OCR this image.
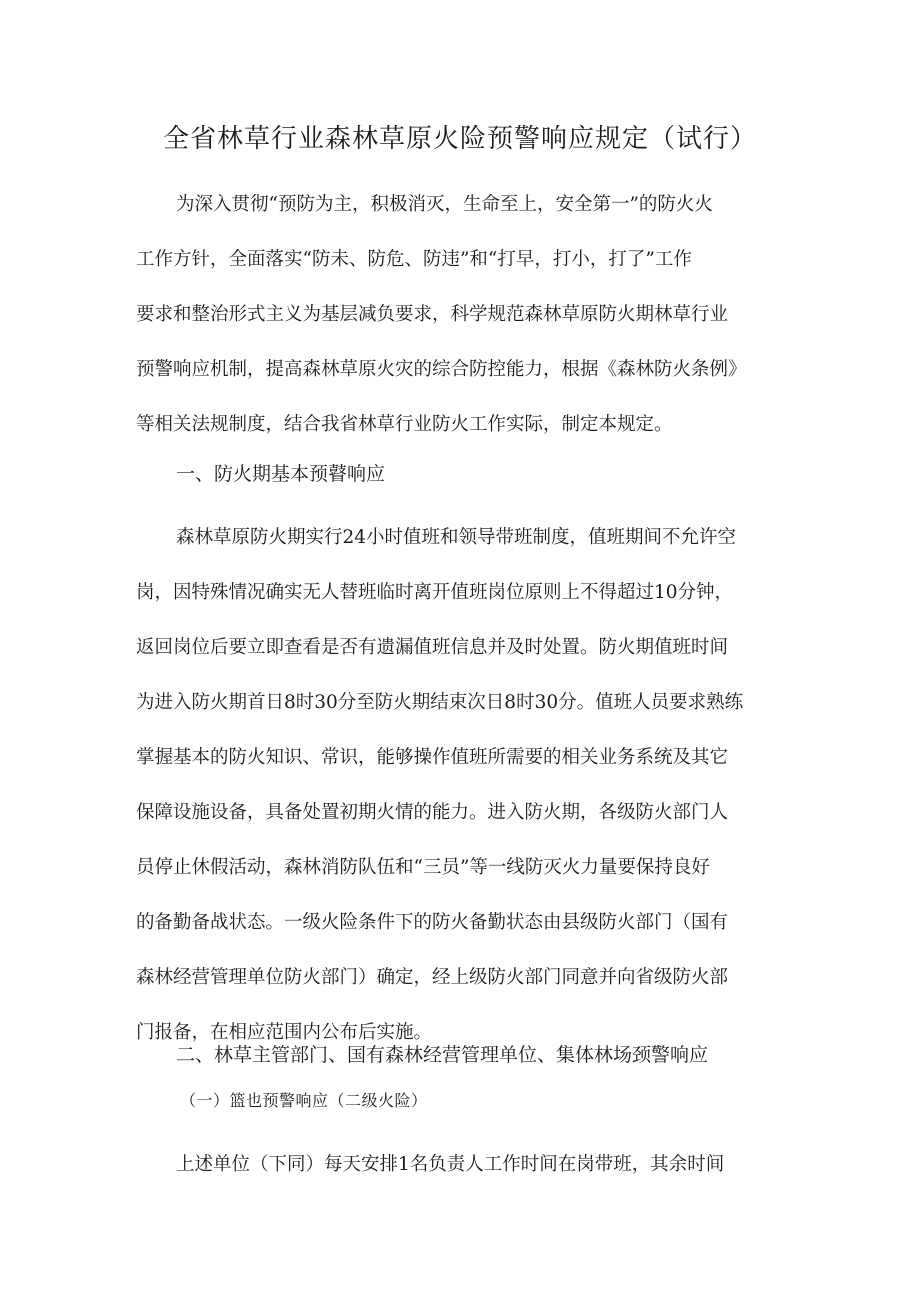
全省林草行业森林草原火险预警响应规定（试行）
为深入贯彻“预防为主，积极消灭，生命至上，安全第一”的防火火
工作方针，全面落实“防未、防危、防违”和“打早，打小，打了”工作
要求和整治形式主义为基层减负要求，科学规范森林草原防火期林草行业
预警响应机制，提高森林草原火灾的综合防控能力，根据《森林防火条例》
等相关法规制度，结合我省林草行业防火工作实际，制定本规定。
一、防火期基本预瞽响应
森林草原防火期实行24小时值班和领导带班制度，值班期间不允许空
岗，因特殊情况确实无人替班临时离开值班岗位原则上不得超过10分钟，
返回岗位后要立即查看是否有遗漏值班信息并及时处置。防火期值班时间
为进入防火期首日8时30分至防火期结束次日8时30分。值班人员要求熟练
掌握基本的防火知识、常识，能够操作值班所需要的相关业务系统及其它
保障设施设备，具备处置初期火情的能力。进入防火期，各级防火部门人
员停止休假活动，森林消防队伍和“三员”等一线防灭火力量要保持良好
的备勤备战状态。一级火险条件下的防火备勤状态由县级防火部门（国有
森林经营管理单位防火部门）确定，经上级防火部门同意并向省级防火部
门报备，在相应范围内公布后实施。
二、林草主管部门、国有森林经营管理单位、集体林场颈警响应
（一）篮也预警响应（二级火险）
上述单位（下同）每天安排1名负责人工作时间在岗带班，其余时间
